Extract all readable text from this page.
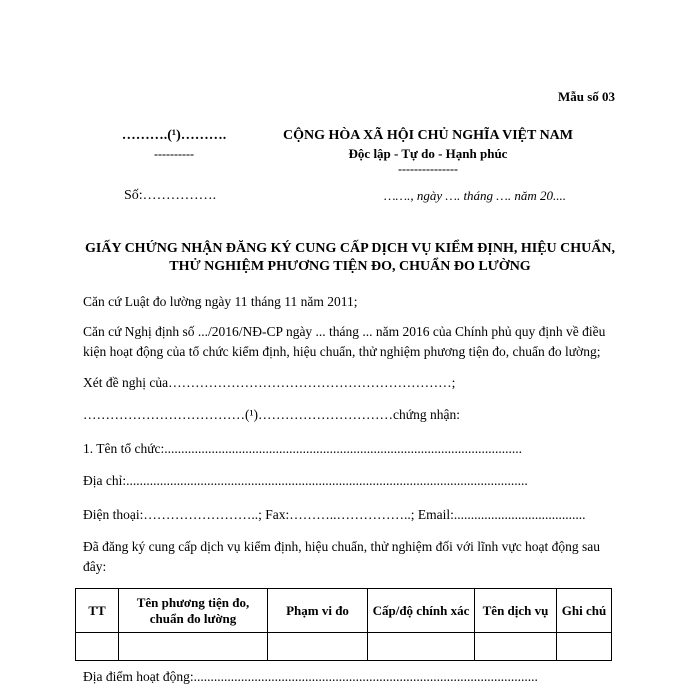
Mẫu số 03
……….(¹)……….
----------
CỘNG HÒA XÃ HỘI CHỦ NGHĨA VIỆT NAM
Độc lập - Tự do - Hạnh phúc
---------------
Số:…………….	……., ngày …. tháng …. năm 20....
GIẤY CHỨNG NHẬN ĐĂNG KÝ CUNG CẤP DỊCH VỤ KIỂM ĐỊNH, HIỆU CHUẨN,
THỬ NGHIỆM PHƯƠNG TIỆN ĐO, CHUẨN ĐO LƯỜNG
Căn cứ Luật đo lường ngày 11 tháng 11 năm 2011;
Căn cứ Nghị định số .../2016/NĐ-CP ngày ... tháng ... năm 2016 của Chính phủ quy định về điều kiện hoạt động của tổ chức kiểm định, hiệu chuẩn, thử nghiệm phương tiện đo, chuẩn đo lường;
Xét đề nghị của………………………………………………………;
………………………………(¹)…………………………chứng nhận:
1. Tên tổ chức:..........................................................................................................
Địa chỉ:.......................................................................................................................
Điện thoại:……………………..; Fax:………..……………..; Email:.......................................
Đã đăng ký cung cấp dịch vụ kiểm định, hiệu chuẩn, thử nghiệm đối với lĩnh vực hoạt động sau đây:
TT	Tên phương tiện đo, chuẩn đo lường	Phạm vi đo	Cấp/độ chính xác	Tên dịch vụ	Ghi chú

Địa điểm hoạt động:......................................................................................................
